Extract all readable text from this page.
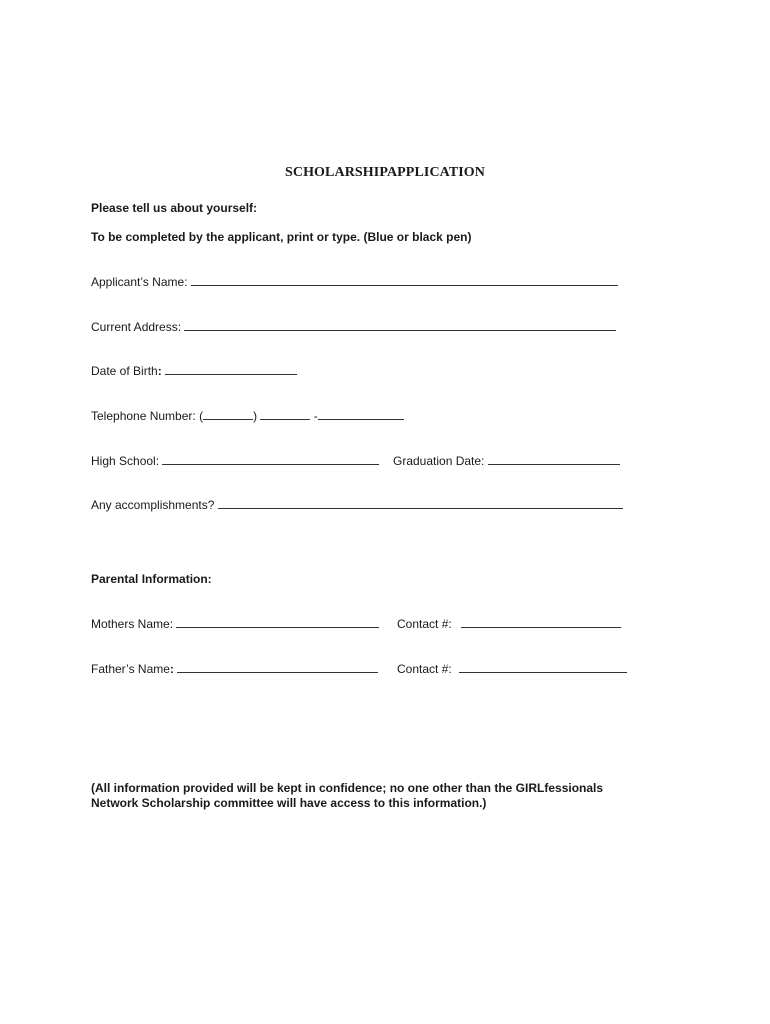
SCHOLARSHIPAPPLICATION
Please tell us about yourself:
To be completed by the applicant, print or type. (Blue or black pen)
Applicant’s Name:
Current Address:
Date of Birth:
Telephone Number: (	)	-
High School:	Graduation Date:
Any accomplishments?
Parental Information:
Mothers Name:	Contact #:
Father’s Name:	Contact #:
(All information provided will be kept in confidence; no one other than the GIRLfessionals
Network Scholarship committee will have access to this information.)
